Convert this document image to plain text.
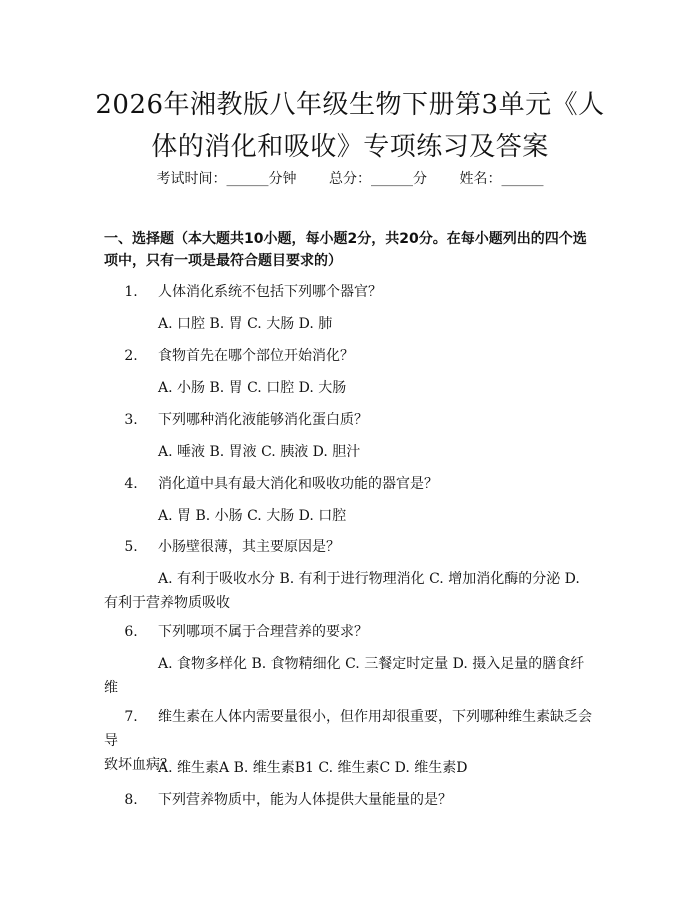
2026年湘教版八年级生物下册第3单元《人
体的消化和吸收》专项练习及答案
考试时间：______分钟 总分：______分 姓名：______
一、选择题（本大题共10小题，每小题2分，共20分。在每小题列出的四个选
项中，只有一项是最符合题目要求的）
1. 人体消化系统不包括下列哪个器官？
A. 口腔 B. 胃 C. 大肠 D. 肺
2. 食物首先在哪个部位开始消化？
A. 小肠 B. 胃 C. 口腔 D. 大肠
3. 下列哪种消化液能够消化蛋白质？
A. 唾液 B. 胃液 C. 胰液 D. 胆汁
4. 消化道中具有最大消化和吸收功能的器官是？
A. 胃 B. 小肠 C. 大肠 D. 口腔
5. 小肠壁很薄，其主要原因是？
A. 有利于吸收水分 B. 有利于进行物理消化 C. 增加消化酶的分泌 D.
有利于营养物质吸收
6. 下列哪项不属于合理营养的要求？
A. 食物多样化 B. 食物精细化 C. 三餐定时定量 D. 摄入足量的膳食纤
维
7. 维生素在人体内需要量很小，但作用却很重要，下列哪种维生素缺乏会导
致坏血病？
A. 维生素A B. 维生素B1 C. 维生素C D. 维生素D
8. 下列营养物质中，能为人体提供大量能量的是？
